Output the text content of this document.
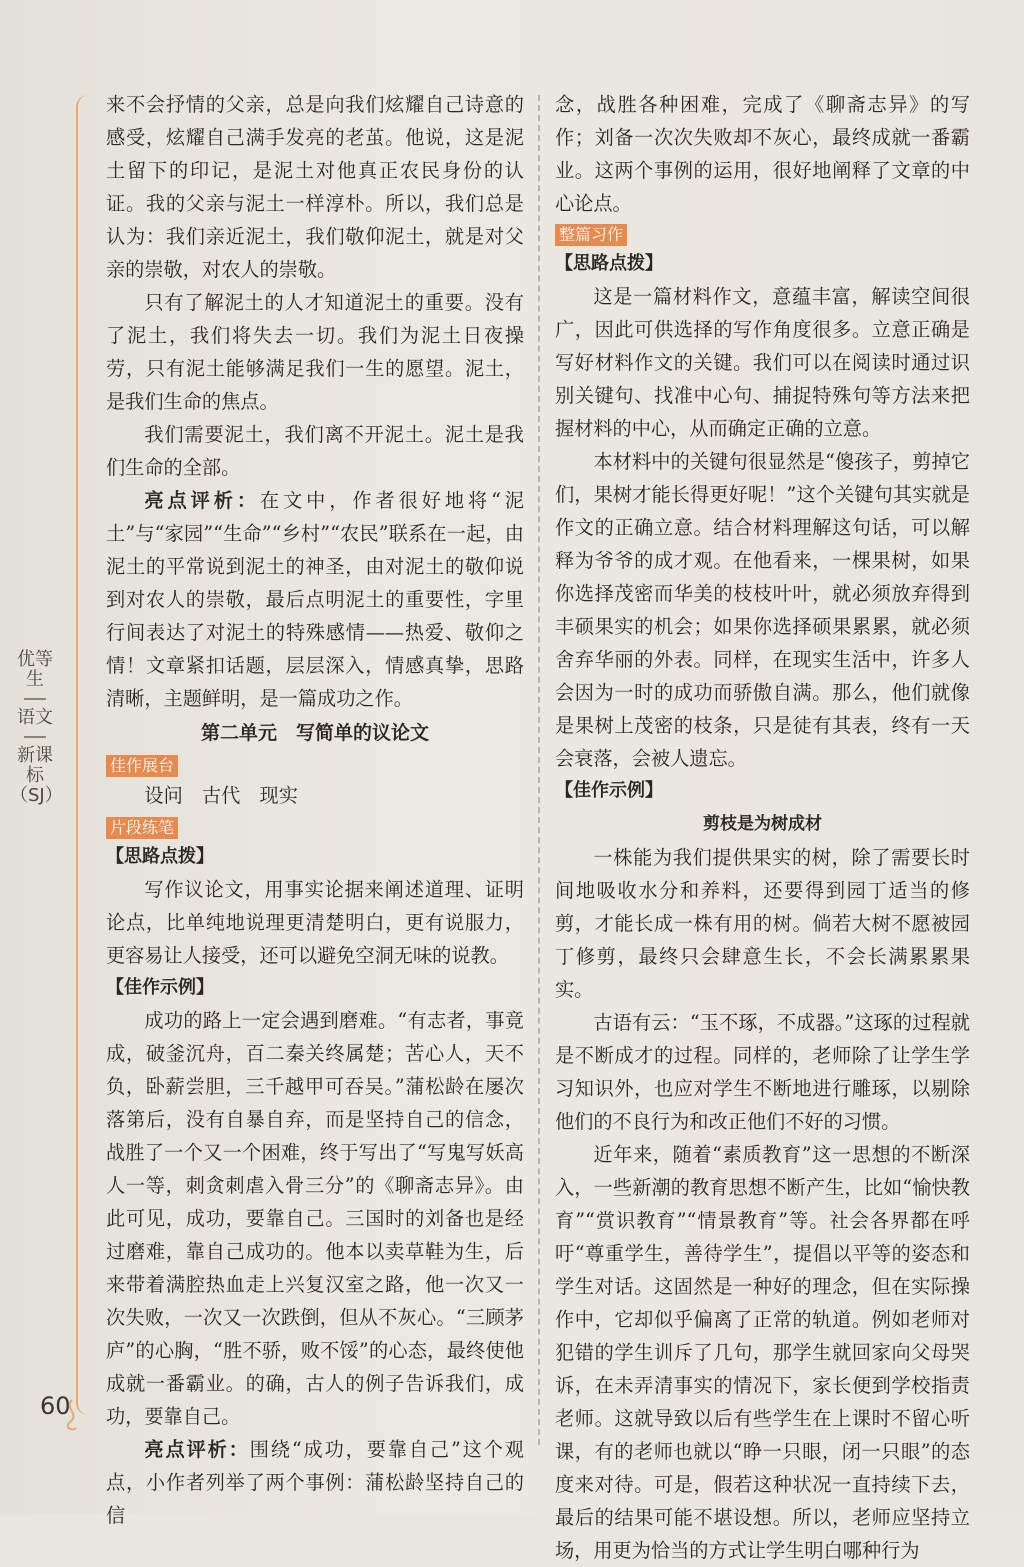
优等生
语文
新课标（SJ）
60

来不会抒情的父亲，总是向我们炫耀自己诗意的感受，炫耀自己满手发亮的老茧。他说，这是泥土留下的印记，是泥土对他真正农民身份的认证。我的父亲与泥土一样淳朴。所以，我们总是认为：我们亲近泥土，我们敬仰泥土，就是对父亲的崇敬，对农人的崇敬。

只有了解泥土的人才知道泥土的重要。没有了泥土，我们将失去一切。我们为泥土日夜操劳，只有泥土能够满足我们一生的愿望。泥土，是我们生命的焦点。

我们需要泥土，我们离不开泥土。泥土是我们生命的全部。

亮点评析：在文中，作者很好地将“泥土”与“家园”“生命”“乡村”“农民”联系在一起，由泥土的平常说到泥土的神圣，由对泥土的敬仰说到对农人的崇敬，最后点明泥土的重要性，字里行间表达了对泥土的特殊感情——热爱、敬仰之情！文章紧扣话题，层层深入，情感真挚，思路清晰，主题鲜明，是一篇成功之作。

第二单元　写简单的议论文
佳作展台
设问　古代　现实
片段练笔
【思路点拨】

写作议论文，用事实论据来阐述道理、证明论点，比单纯地说理更清楚明白，更有说服力，更容易让人接受，还可以避免空洞无味的说教。

【佳作示例】

成功的路上一定会遇到磨难。“有志者，事竟成，破釜沉舟，百二秦关终属楚；苦心人，天不负，卧薪尝胆，三千越甲可吞吴。”蒲松龄在屡次落第后，没有自暴自弃，而是坚持自己的信念，战胜了一个又一个困难，终于写出了“写鬼写妖高人一等，刺贪刺虐入骨三分”的《聊斋志异》。由此可见，成功，要靠自己。三国时的刘备也是经过磨难，靠自己成功的。他本以卖草鞋为生，后来带着满腔热血走上兴复汉室之路，他一次又一次失败，一次又一次跌倒，但从不灰心。“三顾茅庐”的心胸，“胜不骄，败不馁”的心态，最终使他成就一番霸业。的确，古人的例子告诉我们，成功，要靠自己。

亮点评析：围绕“成功，要靠自己”这个观点，小作者列举了两个事例：蒲松龄坚持自己的信

念，战胜各种困难，完成了《聊斋志异》的写作；刘备一次次失败却不灰心，最终成就一番霸业。这两个事例的运用，很好地阐释了文章的中心论点。

整篇习作
【思路点拨】

这是一篇材料作文，意蕴丰富，解读空间很广，因此可供选择的写作角度很多。立意正确是写好材料作文的关键。我们可以在阅读时通过识别关键句、找准中心句、捕捉特殊句等方法来把握材料的中心，从而确定正确的立意。

本材料中的关键句很显然是“傻孩子，剪掉它们，果树才能长得更好呢！”这个关键句其实就是作文的正确立意。结合材料理解这句话，可以解释为爷爷的成才观。在他看来，一棵果树，如果你选择茂密而华美的枝枝叶叶，就必须放弃得到丰硕果实的机会；如果你选择硕果累累，就必须舍弃华丽的外表。同样，在现实生活中，许多人会因为一时的成功而骄傲自满。那么，他们就像是果树上茂密的枝条，只是徒有其表，终有一天会衰落，会被人遗忘。

【佳作示例】
剪枝是为树成材

一株能为我们提供果实的树，除了需要长时间地吸收水分和养料，还要得到园丁适当的修剪，才能长成一株有用的树。倘若大树不愿被园丁修剪，最终只会肆意生长，不会长满累累果实。

古语有云：“玉不琢，不成器。”这琢的过程就是不断成才的过程。同样的，老师除了让学生学习知识外，也应对学生不断地进行雕琢，以剔除他们的不良行为和改正他们不好的习惯。

近年来，随着“素质教育”这一思想的不断深入，一些新潮的教育思想不断产生，比如“愉快教育”“赏识教育”“情景教育”等。社会各界都在呼吁“尊重学生，善待学生”，提倡以平等的姿态和学生对话。这固然是一种好的理念，但在实际操作中，它却似乎偏离了正常的轨道。例如老师对犯错的学生训斥了几句，那学生就回家向父母哭诉，在未弄清事实的情况下，家长便到学校指责老师。这就导致以后有些学生在上课时不留心听课，有的老师也就以“睁一只眼，闭一只眼”的态度来对待。可是，假若这种状况一直持续下去，最后的结果可能不堪设想。所以，老师应坚持立场，用更为恰当的方式让学生明白哪种行为
